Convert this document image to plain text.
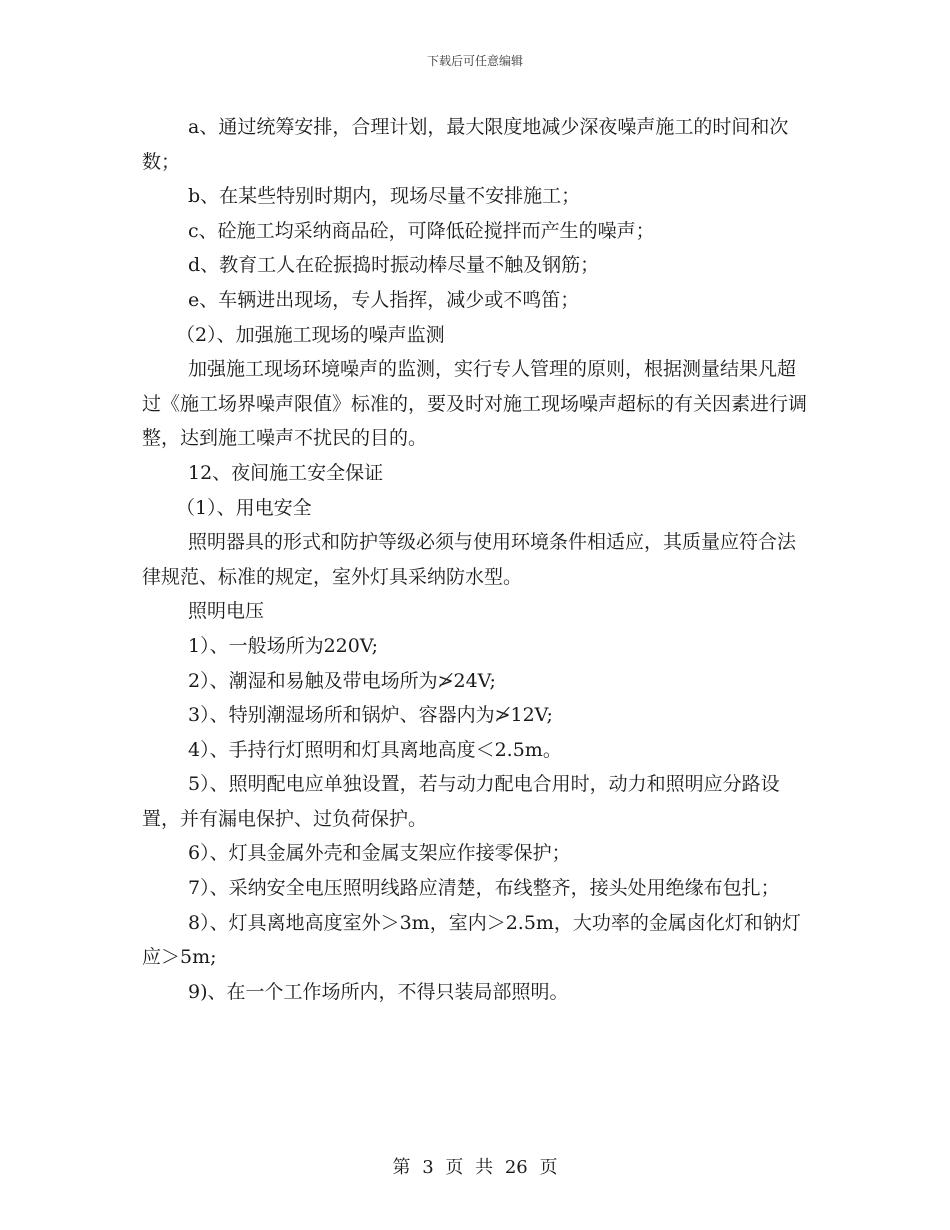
下载后可任意编辑

a、通过统筹安排，合理计划，最大限度地减少深夜噪声施工的时间和次数；

b、在某些特别时期内，现场尽量不安排施工；

c、砼施工均采纳商品砼，可降低砼搅拌而产生的噪声；

d、教育工人在砼振捣时振动棒尽量不触及钢筋；

e、车辆进出现场，专人指挥，减少或不鸣笛；

（2）、加强施工现场的噪声监测

加强施工现场环境噪声的监测，实行专人管理的原则，根据测量结果凡超过《施工场界噪声限值》标准的，要及时对施工现场噪声超标的有关因素进行调整，达到施工噪声不扰民的目的。

12、夜间施工安全保证

（1）、用电安全

照明器具的形式和防护等级必须与使用环境条件相适应，其质量应符合法律规范、标准的规定，室外灯具采纳防水型。

照明电压

1）、一般场所为220V;

2）、潮湿和易触及带电场所为≯24V;

3）、特别潮湿场所和锅炉、容器内为≯12V;

4）、手持行灯照明和灯具离地高度＜2.5m。

5）、照明配电应单独设置，若与动力配电合用时，动力和照明应分路设置，并有漏电保护、过负荷保护。

6）、灯具金属外壳和金属支架应作接零保护；

7）、采纳安全电压照明线路应清楚，布线整齐，接头处用绝缘布包扎；

8）、灯具离地高度室外＞3m，室内＞2.5m，大功率的金属卤化灯和钠灯应＞5m;

9)、在一个工作场所内，不得只装局部照明。

第 3 页 共 26 页
